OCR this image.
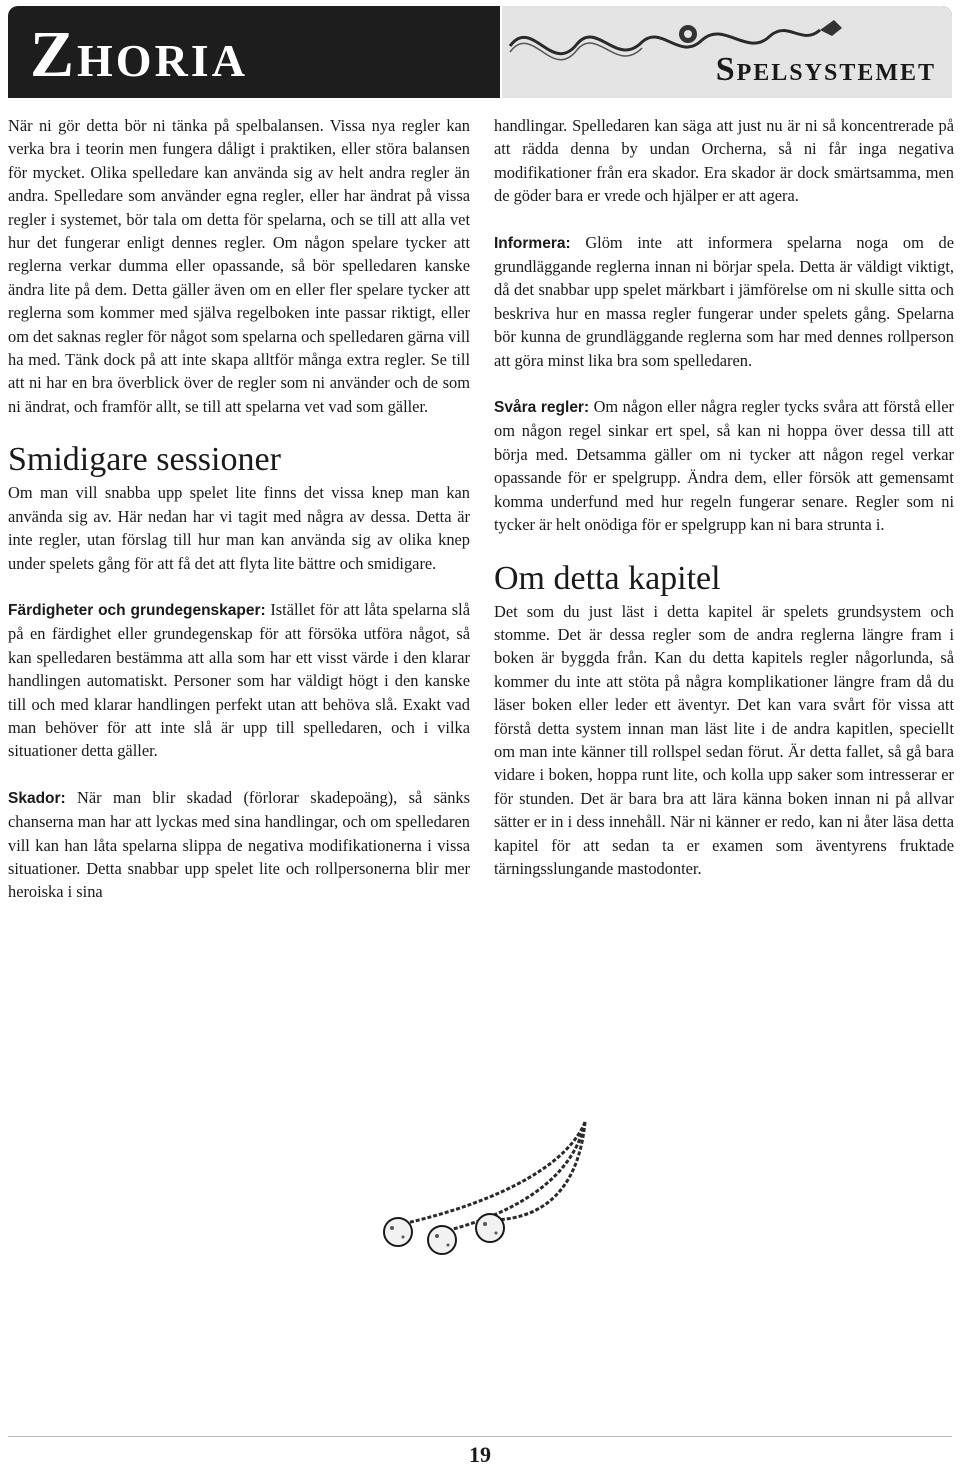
Zhoria	Spelsystemet

När ni gör detta bör ni tänka på spelbalansen. Vissa nya regler kan verka bra i teorin men fungera dåligt i praktiken, eller störa balansen för mycket. Olika spelledare kan använda sig av helt andra regler än andra. Spelledare som använder egna regler, eller har ändrat på vissa regler i systemet, bör tala om detta för spelarna, och se till att alla vet hur det fungerar enligt dennes regler. Om någon spelare tycker att reglerna verkar dumma eller opassande, så bör spelledaren kanske ändra lite på dem. Detta gäller även om en eller fler spelare tycker att reglerna som kommer med själva regelboken inte passar riktigt, eller om det saknas regler för något som spelarna och spelledaren gärna vill ha med. Tänk dock på att inte skapa alltför många extra regler. Se till att ni har en bra överblick över de regler som ni använder och de som ni ändrat, och framför allt, se till att spelarna vet vad som gäller.

Smidigare sessioner

Om man vill snabba upp spelet lite finns det vissa knep man kan använda sig av. Här nedan har vi tagit med några av dessa. Detta är inte regler, utan förslag till hur man kan använda sig av olika knep under spelets gång för att få det att flyta lite bättre och smidigare.

Färdigheter och grundegenskaper: Istället för att låta spelarna slå på en färdighet eller grundegenskap för att försöka utföra något, så kan spelledaren bestämma att alla som har ett visst värde i den klarar handlingen automatiskt. Personer som har väldigt högt i den kanske till och med klarar handlingen perfekt utan att behöva slå. Exakt vad man behöver för att inte slå är upp till spelledaren, och i vilka situationer detta gäller.

Skador: När man blir skadad (förlorar skadepoäng), så sänks chanserna man har att lyckas med sina handlingar, och om spelledaren vill kan han låta spelarna slippa de negativa modifikationerna i vissa situationer. Detta snabbar upp spelet lite och rollpersonerna blir mer heroiska i sina

handlingar. Spelledaren kan säga att just nu är ni så koncentrerade på att rädda denna by undan Orcherna, så ni får inga negativa modifikationer från era skador. Era skador är dock smärtsamma, men de göder bara er vrede och hjälper er att agera.

Informera: Glöm inte att informera spelarna noga om de grundläggande reglerna innan ni börjar spela. Detta är väldigt viktigt, då det snabbar upp spelet märkbart i jämförelse om ni skulle sitta och beskriva hur en massa regler fungerar under spelets gång. Spelarna bör kunna de grundläggande reglerna som har med dennes rollperson att göra minst lika bra som spelledaren.

Svåra regler: Om någon eller några regler tycks svåra att förstå eller om någon regel sinkar ert spel, så kan ni hoppa över dessa till att börja med. Detsamma gäller om ni tycker att någon regel verkar opassande för er spelgrupp. Ändra dem, eller försök att gemensamt komma underfund med hur regeln fungerar senare. Regler som ni tycker är helt onödiga för er spelgrupp kan ni bara strunta i.

Om detta kapitel

Det som du just läst i detta kapitel är spelets grundsystem och stomme. Det är dessa regler som de andra reglerna längre fram i boken är byggda från. Kan du detta kapitels regler någorlunda, så kommer du inte att stöta på några komplikationer längre fram då du läser boken eller leder ett äventyr. Det kan vara svårt för vissa att förstå detta system innan man läst lite i de andra kapitlen, speciellt om man inte känner till rollspel sedan förut. Är detta fallet, så gå bara vidare i boken, hoppa runt lite, och kolla upp saker som intresserar er för stunden. Det är bara bra att lära känna boken innan ni på allvar sätter er in i dess innehåll. När ni känner er redo, kan ni åter läsa detta kapitel för att sedan ta er examen som äventyrens fruktade tärningsslungande mastodonter.

19
